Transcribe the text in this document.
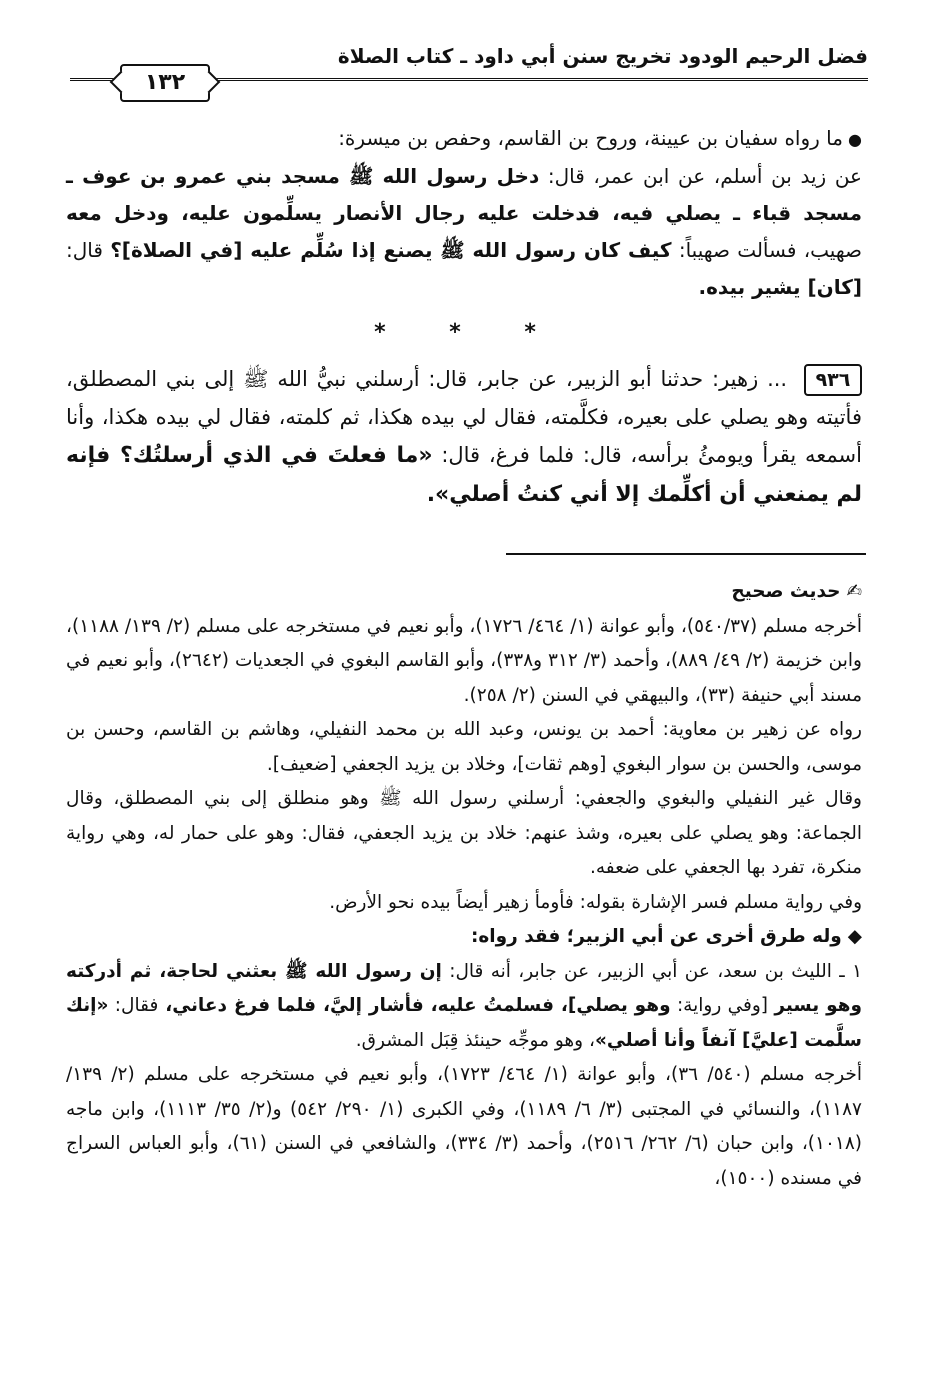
فضل الرحيم الودود تخريج سنن أبي داود ـ كتاب الصلاة
١٣٢

● ما رواه سفيان بن عيينة، وروح بن القاسم، وحفص بن ميسرة:

عن زيد بن أسلم، عن ابن عمر، قال: دخل رسول الله ﷺ مسجد بني عمرو بن عوف ـ مسجد قباء ـ يصلي فيه، فدخلت عليه رجال الأنصار يسلِّمون عليه، ودخل معه صهيب، فسألت صهيباً: كيف كان رسول الله ﷺ يصنع إذا سُلِّم عليه [في الصلاة]؟ قال: [كان] يشير بيده.

* * *

٩٣٦ ... زهير: حدثنا أبو الزبير، عن جابر، قال: أرسلني نبيُّ الله ﷺ إلى بني المصطلق، فأتيته وهو يصلي على بعيره، فكلَّمته، فقال لي بيده هكذا، ثم كلمته، فقال لي بيده هكذا، وأنا أسمعه يقرأ ويومئُ برأسه، قال: فلما فرغ، قال: «ما فعلتَ في الذي أرسلتُك؟ فإنه لم يمنعني أن أكلِّمك إلا أني كنتُ أصلي».

✍حديث صحيح

أخرجه مسلم (٥٤٠/٣٧)، وأبو عوانة (١/ ٤٦٤/ ١٧٢٦)، وأبو نعيم في مستخرجه على مسلم (٢/ ١٣٩/ ١١٨٨)، وابن خزيمة (٢/ ٤٩/ ٨٨٩)، وأحمد (٣/ ٣١٢ و٣٣٨)، وأبو القاسم البغوي في الجعديات (٢٦٤٢)، وأبو نعيم في مسند أبي حنيفة (٣٣)، والبيهقي في السنن (٢/ ٢٥٨).

رواه عن زهير بن معاوية: أحمد بن يونس، وعبد الله بن محمد النفيلي، وهاشم بن القاسم، وحسن بن موسى، والحسن بن سوار البغوي [وهم ثقات]، وخلاد بن يزيد الجعفي [ضعيف].

وقال غير النفيلي والبغوي والجعفي: أرسلني رسول الله ﷺ وهو منطلق إلى بني المصطلق، وقال الجماعة: وهو يصلي على بعيره، وشذ عنهم: خلاد بن يزيد الجعفي، فقال: وهو على حمار له، وهي رواية منكرة، تفرد بها الجعفي على ضعفه.

وفي رواية مسلم فسر الإشارة بقوله: فأومأ زهير أيضاً بيده نحو الأرض.

◆وله طرق أخرى عن أبي الزبير؛ فقد رواه:

١ ـ الليث بن سعد، عن أبي الزبير، عن جابر، أنه قال: إن رسول الله ﷺ بعثني لحاجة، ثم أدركته وهو يسير [وفي رواية: وهو يصلي]، فسلمتُ عليه، فأشار إليَّ، فلما فرغ دعاني، فقال: «إنك سلَّمت [عليَّ] آنفاً وأنا أصلي»، وهو موجِّه حينئذ قِبَل المشرق.

أخرجه مسلم (٥٤٠/ ٣٦)، وأبو عوانة (١/ ٤٦٤/ ١٧٢٣)، وأبو نعيم في مستخرجه على مسلم (٢/ ١٣٩/ ١١٨٧)، والنسائي في المجتبى (٣/ ٦/ ١١٨٩)، وفي الكبرى (١/ ٢٩٠/ ٥٤٢) و(٢/ ٣٥/ ١١١٣)، وابن ماجه (١٠١٨)، وابن حبان (٦/ ٢٦٢/ ٢٥١٦)، وأحمد (٣/ ٣٣٤)، والشافعي في السنن (٦١)، وأبو العباس السراج في مسنده (١٥٠٠)،
